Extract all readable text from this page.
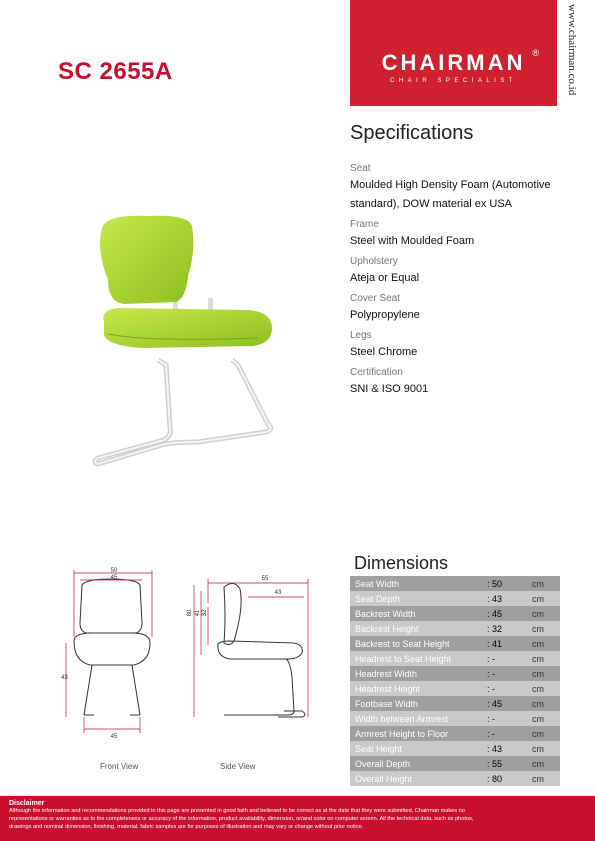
SC 2655A	CHAIRMAN ®
CHAIR SPECIALIST	www.chairman.co.id
Specifications
Seat
Moulded High Density Foam (Automotive standard), DOW material ex USA
Frame
Steel with Moulded Foam
Upholstery
Ateja or Equal
Cover Seat
Polypropylene
Legs
Steel Chrome
Certification
SNI & ISO 9001
50
45
43
45
55
43
80 41 32
Front View	Side View
Dimensions
Seat Width	: 50	cm
Seat Depth	: 43	cm
Backrest Width	: 45	cm
Backrest Height	: 32	cm
Backrest to Seat Height	: 41	cm
Headrest to Seat Height	: -	cm
Headrest Width	: -	cm
Headrest Height	: -	cm
Footbase Width	: 45	cm
Width between Armrest	: -	cm
Armrest Height to Floor	: -	cm
Seat Height	: 43	cm
Overall Depth	: 55	cm
Overall Height	: 80	cm
Disclaimer
Although the information and recommendations provided in this page are presented in good faith and believed to be correct as at the date that they were submitted, Chairman makes no
representations or warranties as to the completeness or accuracy of the information, product availability, dimension, or/and color on computer screen. All the technical data, such as photos,
drawings and nominal dimension, finishing, material, fabric samples are for purposes of illustration and may vary or change without prior notice.
